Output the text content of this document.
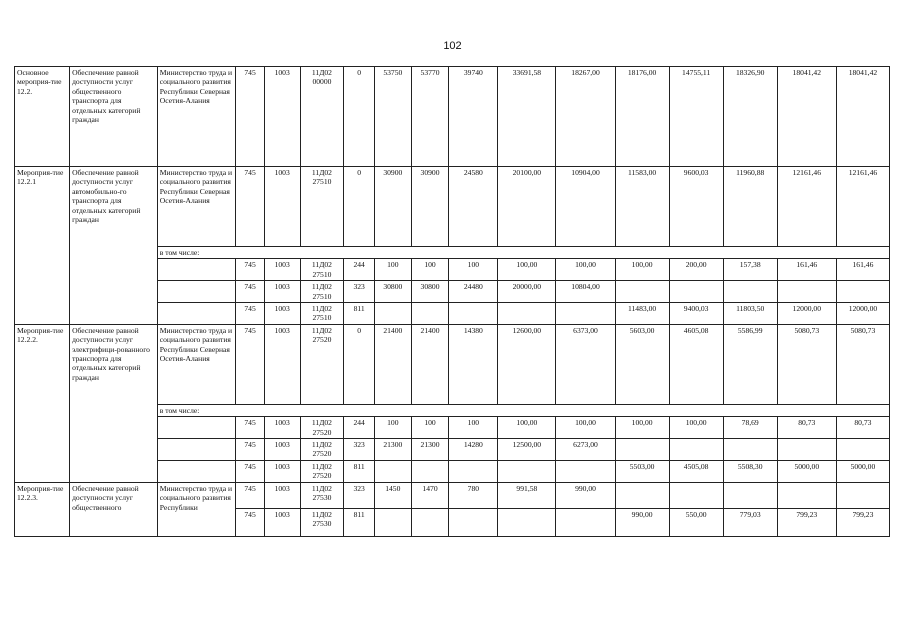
102
Основное мероприя-тие 12.2.	Обеспечение равной доступности услуг общественного транспорта для отдельных категорий граждан	Министерство труда и социального развития Республики Северная Осетия-Алания	745	1003	11Д02 00000	0	53750	53770	39740	33691,58	18267,00	18176,00	14755,11	18326,90	18041,42	18041,42
Мероприя-тие 12.2.1	Обеспечение равной доступности услуг автомобильно-го транспорта для отдельных категорий граждан	Министерство труда и социального развития Республики Северная Осетия-Алания	745	1003	11Д02 27510	0	30900	30900	24580	20100,00	10904,00	11583,00	9600,03	11960,88	12161,46	12161,46
		в том числе:														
			745	1003	11Д02 27510	244	100	100	100	100,00	100,00	100,00	200,00	157,38	161,46	161,46
			745	1003	11Д02 27510	323	30800	30800	24480	20000,00	10804,00					
			745	1003	11Д02 27510	811						11483,00	9400,03	11803,50	12000,00	12000,00
Мероприя-тие 12.2.2.	Обеспечение равной доступности услуг электрифици-рованного транспорта для отдельных категорий граждан	Министерство труда и социального развития Республики Северная Осетия-Алания	745	1003	11Д02 27520	0	21400	21400	14380	12600,00	6373,00	5603,00	4605,08	5586,99	5080,73	5080,73
		в том числе:														
			745	1003	11Д02 27520	244	100	100	100	100,00	100,00	100,00	100,00	78,69	80,73	80,73
			745	1003	11Д02 27520	323	21300	21300	14280	12500,00	6273,00					
			745	1003	11Д02 27520	811						5503,00	4505,08	5508,30	5000,00	5000,00
Мероприя-тие 12.2.3.	Обеспечение равной доступности услуг общественного	Министерство труда и социального развития Республики	745	1003	11Д02 27530	323	1450	1470	780	991,58	990,00					
			745	1003	11Д02 27530	811						990,00	550,00	779,03	799,23	799,23
